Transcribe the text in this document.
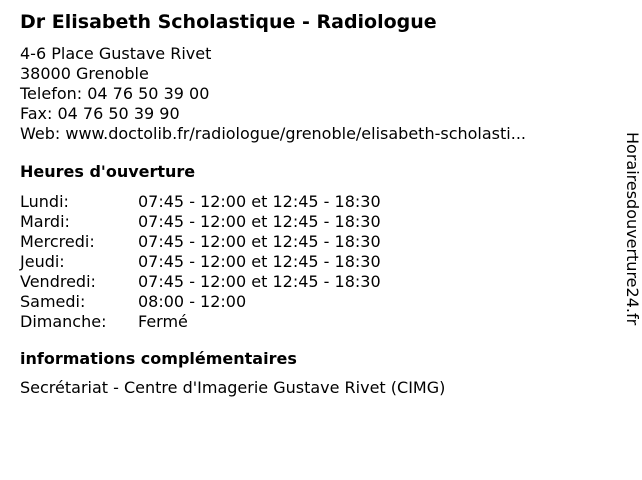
Dr Elisabeth Scholastique - Radiologue
4-6 Place Gustave Rivet
38000 Grenoble
Telefon: 04 76 50 39 00
Fax: 04 76 50 39 90
Web: www.doctolib.fr/radiologue/grenoble/elisabeth-scholasti...
Heures d'ouverture
Lundi:	07:45 - 12:00 et 12:45 - 18:30
Mardi:	07:45 - 12:00 et 12:45 - 18:30
Mercredi:	07:45 - 12:00 et 12:45 - 18:30
Jeudi:	07:45 - 12:00 et 12:45 - 18:30
Vendredi:	07:45 - 12:00 et 12:45 - 18:30
Samedi:	08:00 - 12:00
Dimanche:	Fermé
informations complémentaires
Secrétariat - Centre d'Imagerie Gustave Rivet (CIMG)
Horairesdouverture24.fr
